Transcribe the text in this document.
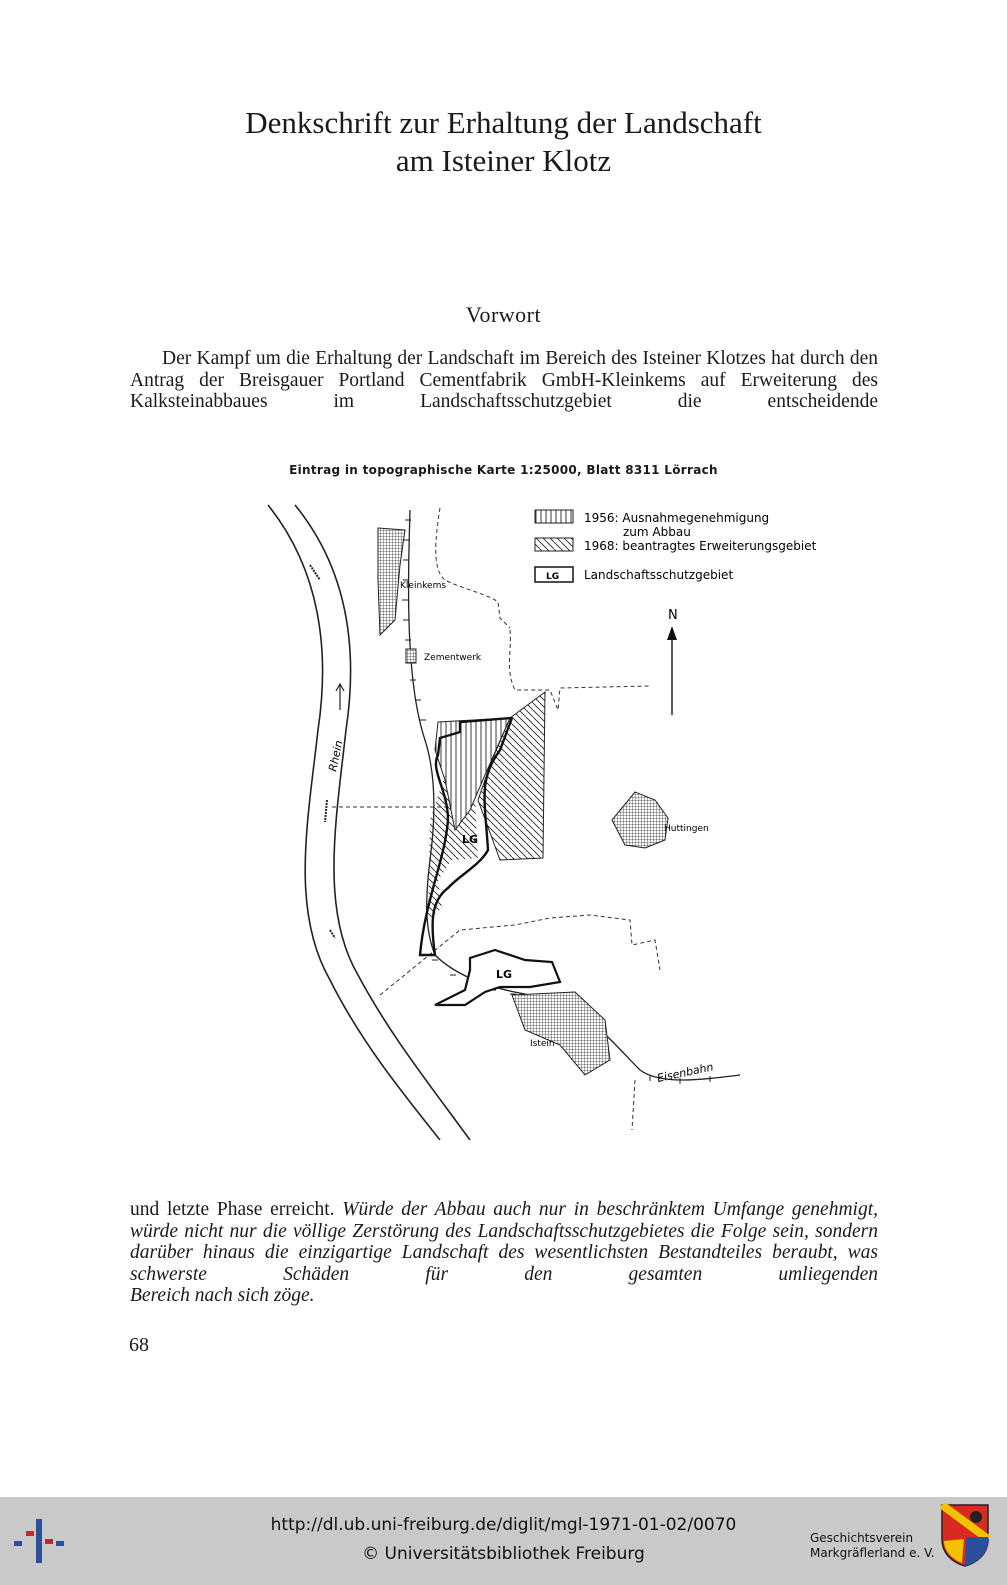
Denkschrift zur Erhaltung der Landschaft
am Isteiner Klotz
Vorwort

Der Kampf um die Erhaltung der Landschaft im Bereich des Isteiner Klotzes hat durch den Antrag der Breisgauer Portland Cementfabrik GmbH-Kleinkems auf Erweiterung des Kalksteinabbaues im Landschaftsschutzgebiet die entscheidende

Eintrag in topographische Karte 1:25000, Blatt 8311 Lörrach
Rhein
Eisenbahn
Kleinkems
Zementwerk
LG
LG
Istein
Huttingen
1956: Ausnahmegenehmigung
zum Abbau
1968: beantragtes Erweiterungsgebiet
LG Landschaftsschutzgebiet
N

und letzte Phase erreicht. Würde der Abbau auch nur in beschränktem Umfange genehmigt, würde nicht nur die völlige Zerstörung des Landschaftsschutzgebietes die Folge sein, sondern darüber hinaus die einzigartige Landschaft des wesentlichsten Bestandteiles beraubt, was schwerste Schäden für den gesamten umliegenden

Bereich nach sich zöge.

68
http://dl.ub.uni-freiburg.de/diglit/mgl-1971-01-02/0070
© Universitätsbibliothek Freiburg
Geschichtsverein
Markgräflerland e. V.
